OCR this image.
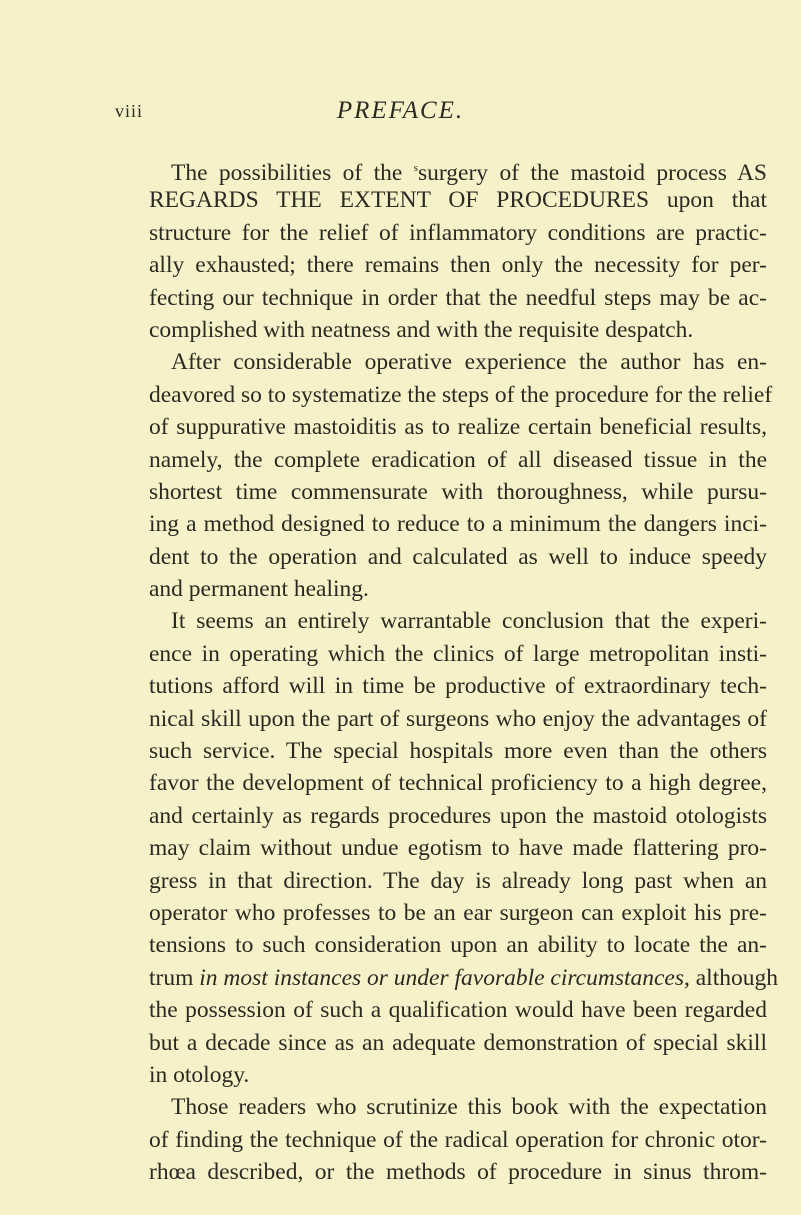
viii	PREFACE.
The possibilities of the $^s$surgery of the mastoid process AS
REGARDS THE EXTENT OF PROCEDURES upon that
structure for the relief of inflammatory conditions are practic-
ally exhausted; there remains then only the necessity for per-
fecting our technique in order that the needful steps may be ac-
complished with neatness and with the requisite despatch.
After considerable operative experience the author has en-
deavored so to systematize the steps of the procedure for the relief
of suppurative mastoiditis as to realize certain beneficial results,
namely, the complete eradication of all diseased tissue in the
shortest time commensurate with thoroughness, while pursu-
ing a method designed to reduce to a minimum the dangers inci-
dent to the operation and calculated as well to induce speedy
and permanent healing.
It seems an entirely warrantable conclusion that the experi-
ence in operating which the clinics of large metropolitan insti-
tutions afford will in time be productive of extraordinary tech-
nical skill upon the part of surgeons who enjoy the advantages of
such service. The special hospitals more even than the others
favor the development of technical proficiency to a high degree,
and certainly as regards procedures upon the mastoid otologists
may claim without undue egotism to have made flattering pro-
gress in that direction. The day is already long past when an
operator who professes to be an ear surgeon can exploit his pre-
tensions to such consideration upon an ability to locate the an-
trum in most instances or under favorable circumstances, although
the possession of such a qualification would have been regarded
but a decade since as an adequate demonstration of special skill
in otology.
Those readers who scrutinize this book with the expectation
of finding the technique of the radical operation for chronic otor-
rhœa described, or the methods of procedure in sinus throm-
